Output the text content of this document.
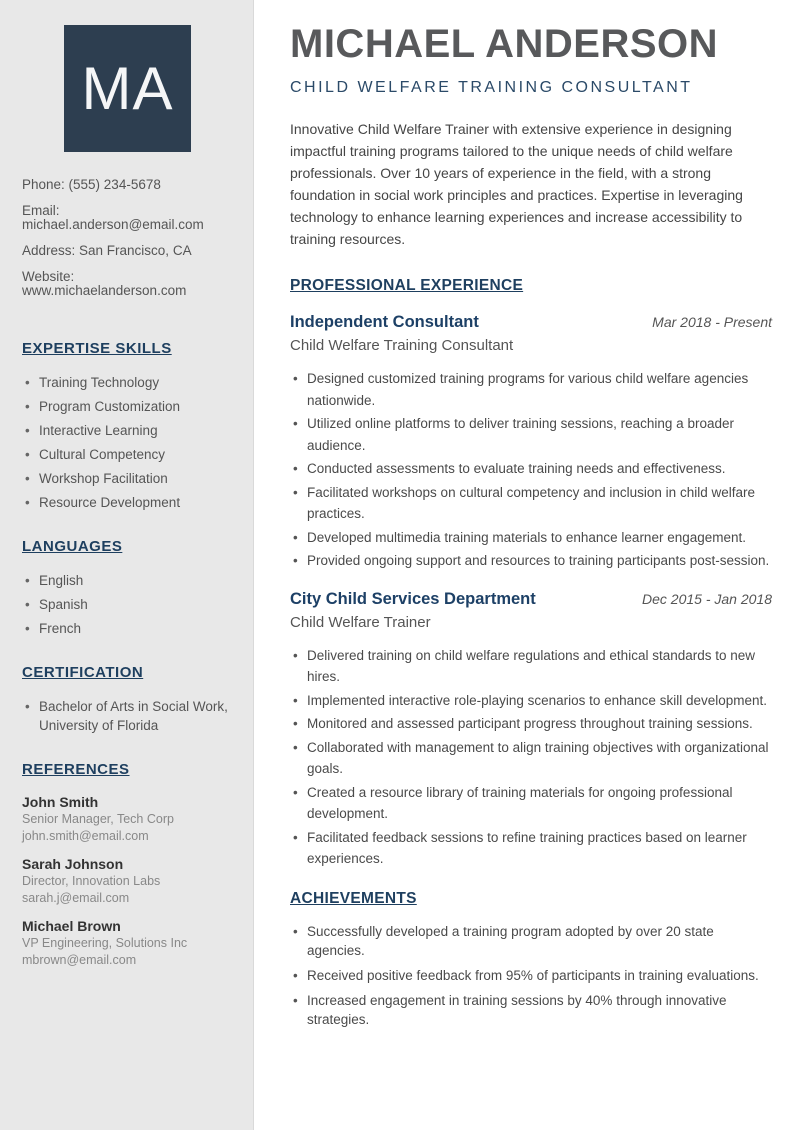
MA
Phone: (555) 234-5678
Email: michael.anderson@email.com
Address: San Francisco, CA
Website: www.michaelanderson.com
EXPERTISE SKILLS
• Training Technology
• Program Customization
• Interactive Learning
• Cultural Competency
• Workshop Facilitation
• Resource Development
LANGUAGES
• English
• Spanish
• French
CERTIFICATION
• Bachelor of Arts in Social Work, University of Florida
REFERENCES
John Smith
Senior Manager, Tech Corp
john.smith@email.com
Sarah Johnson
Director, Innovation Labs
sarah.j@email.com
Michael Brown
VP Engineering, Solutions Inc
mbrown@email.com
MICHAEL ANDERSON
CHILD WELFARE TRAINING CONSULTANT

Innovative Child Welfare Trainer with extensive experience in designing impactful training programs tailored to the unique needs of child welfare professionals. Over 10 years of experience in the field, with a strong foundation in social work principles and practices. Expertise in leveraging technology to enhance learning experiences and increase accessibility to training resources.

PROFESSIONAL EXPERIENCE
Independent Consultant	Mar 2018 - Present
Child Welfare Training Consultant
• Designed customized training programs for various child welfare agencies nationwide.
• Utilized online platforms to deliver training sessions, reaching a broader audience.
• Conducted assessments to evaluate training needs and effectiveness.
• Facilitated workshops on cultural competency and inclusion in child welfare practices.
• Developed multimedia training materials to enhance learner engagement.
• Provided ongoing support and resources to training participants post-session.
City Child Services Department	Dec 2015 - Jan 2018
Child Welfare Trainer
• Delivered training on child welfare regulations and ethical standards to new hires.
• Implemented interactive role-playing scenarios to enhance skill development.
• Monitored and assessed participant progress throughout training sessions.
• Collaborated with management to align training objectives with organizational goals.
• Created a resource library of training materials for ongoing professional development.
• Facilitated feedback sessions to refine training practices based on learner experiences.
ACHIEVEMENTS
• Successfully developed a training program adopted by over 20 state agencies.
• Received positive feedback from 95% of participants in training evaluations.
• Increased engagement in training sessions by 40% through innovative strategies.
